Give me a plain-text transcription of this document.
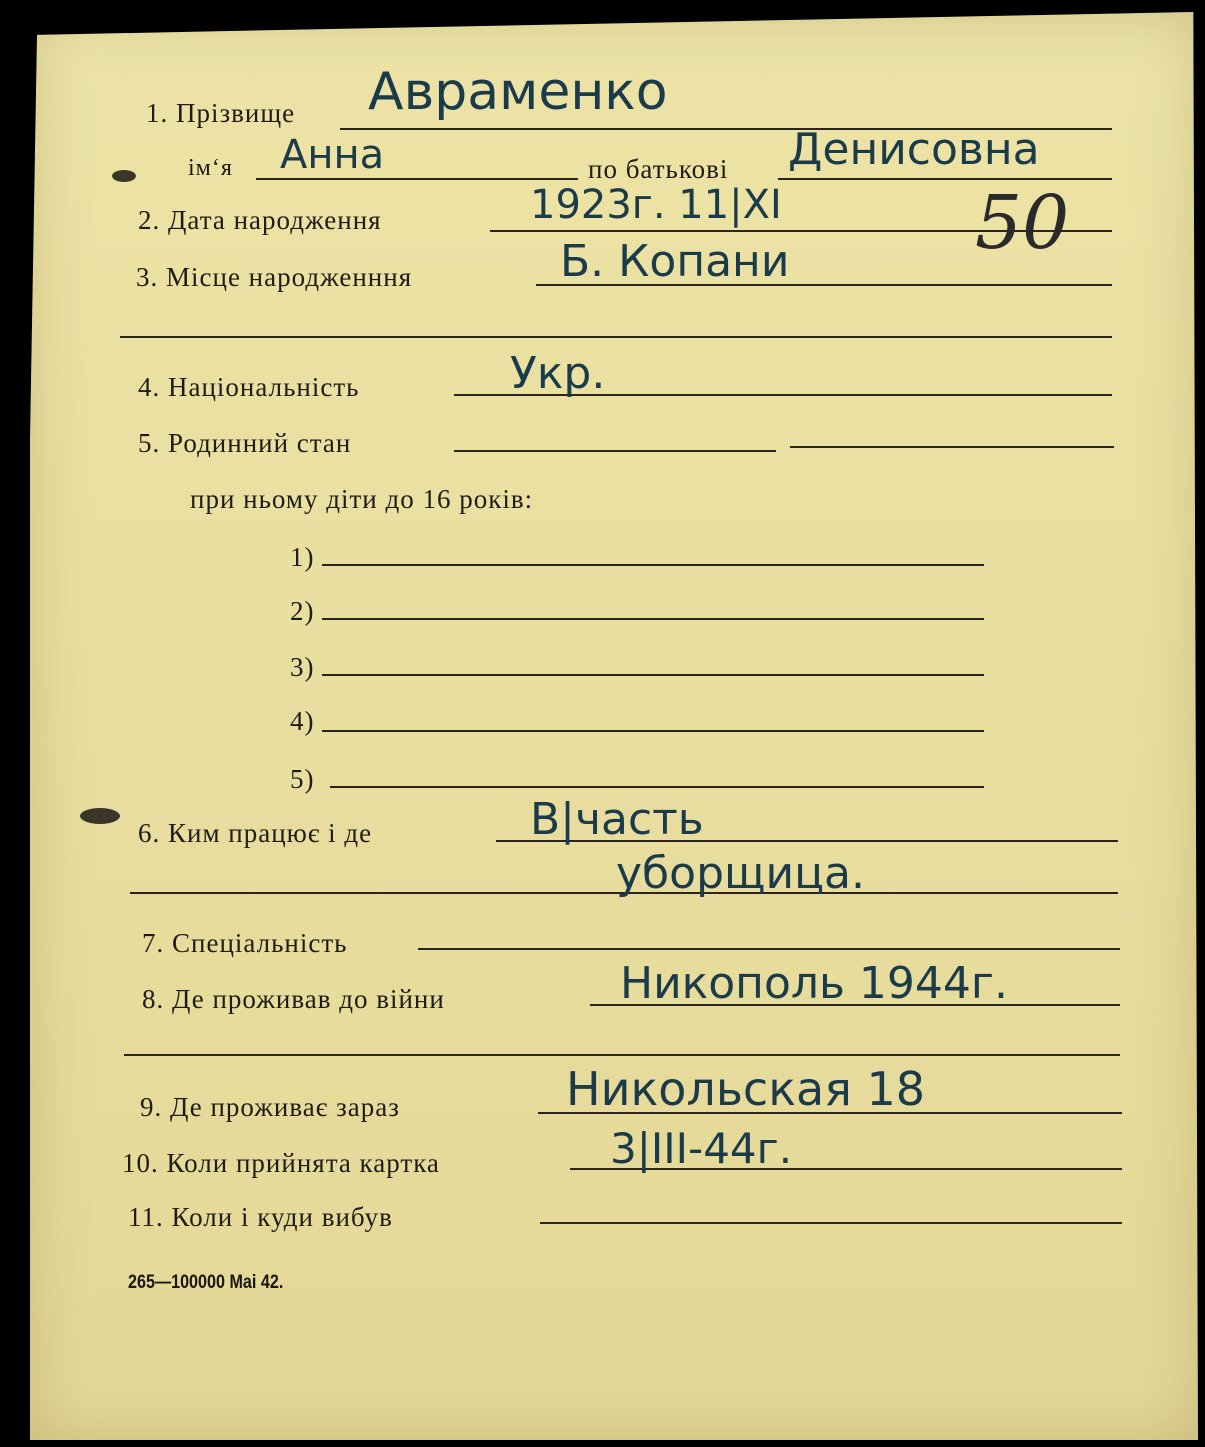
1. Прізвище Авраменко
ім‘я Анна	по батькові Денисовна
2. Дата народження	1923г. 11|XI	50
3. Місце народженння	Б. Копани
4. Національність	Укр.
5. Родинний стан
при ньому діти до 16 років:
1)
2)
3)
4)
5)
6. Ким працює і де	В|часть
уборщица.
7. Спеціальність
8. Де проживав до війни	Никополь 1944г.
9. Де проживає зараз	Никольская 18
10. Коли прийнята картка	3|III-44г.
11. Коли і куди вибув
265—100000 Mai 42.
